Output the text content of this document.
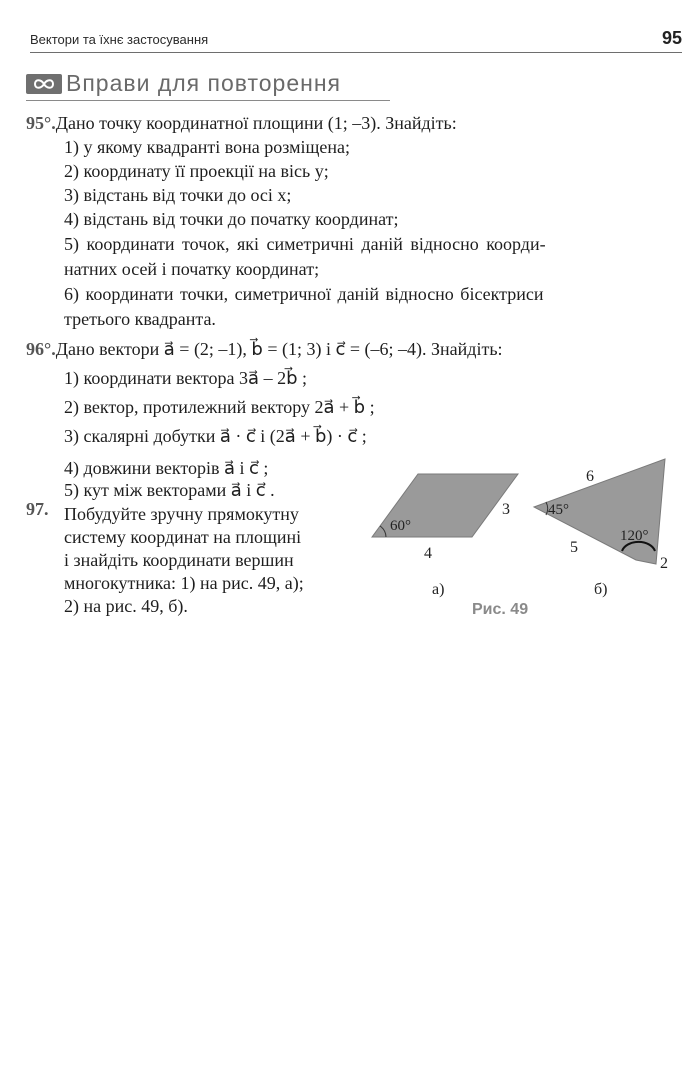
Вектори та їхнє застосування	95
Вправи для повторення
95°.Дано точку координатної площини (1; –3). Знайдіть:
1) у якому квадранті вона розміщена;
2) координату її проекції на вісь y;
3) відстань від точки до осі x;
4) відстань від точки до початку координат;
5) координати точок, які симетричні даній відносно коорди-
натних осей і початку координат;
6) координати точки, симетричної даній відносно бісектриси
третього квадранта.
96°.Дано вектори a⃗ = (2; –1), b⃗ = (1; 3) і c⃗ = (–6; –4). Знайдіть:
1) координати вектора 3a⃗ – 2b⃗ ;
2) вектор, протилежний вектору 2a⃗ + b⃗ ;
3) скалярні добутки a⃗ · c⃗ і (2a⃗ + b⃗) · c⃗ ;
4) довжини векторів a⃗ і c⃗ ;
5) кут між векторами a⃗ і c⃗ .
97. Побудуйте зручну прямокутну
систему координат на площині
і знайдіть координати вершин
многокутника: 1) на рис. 49, а);
2) на рис. 49, б).
60°
3
4
а)
45°
120°
6
5
2
б)
Рис. 49
